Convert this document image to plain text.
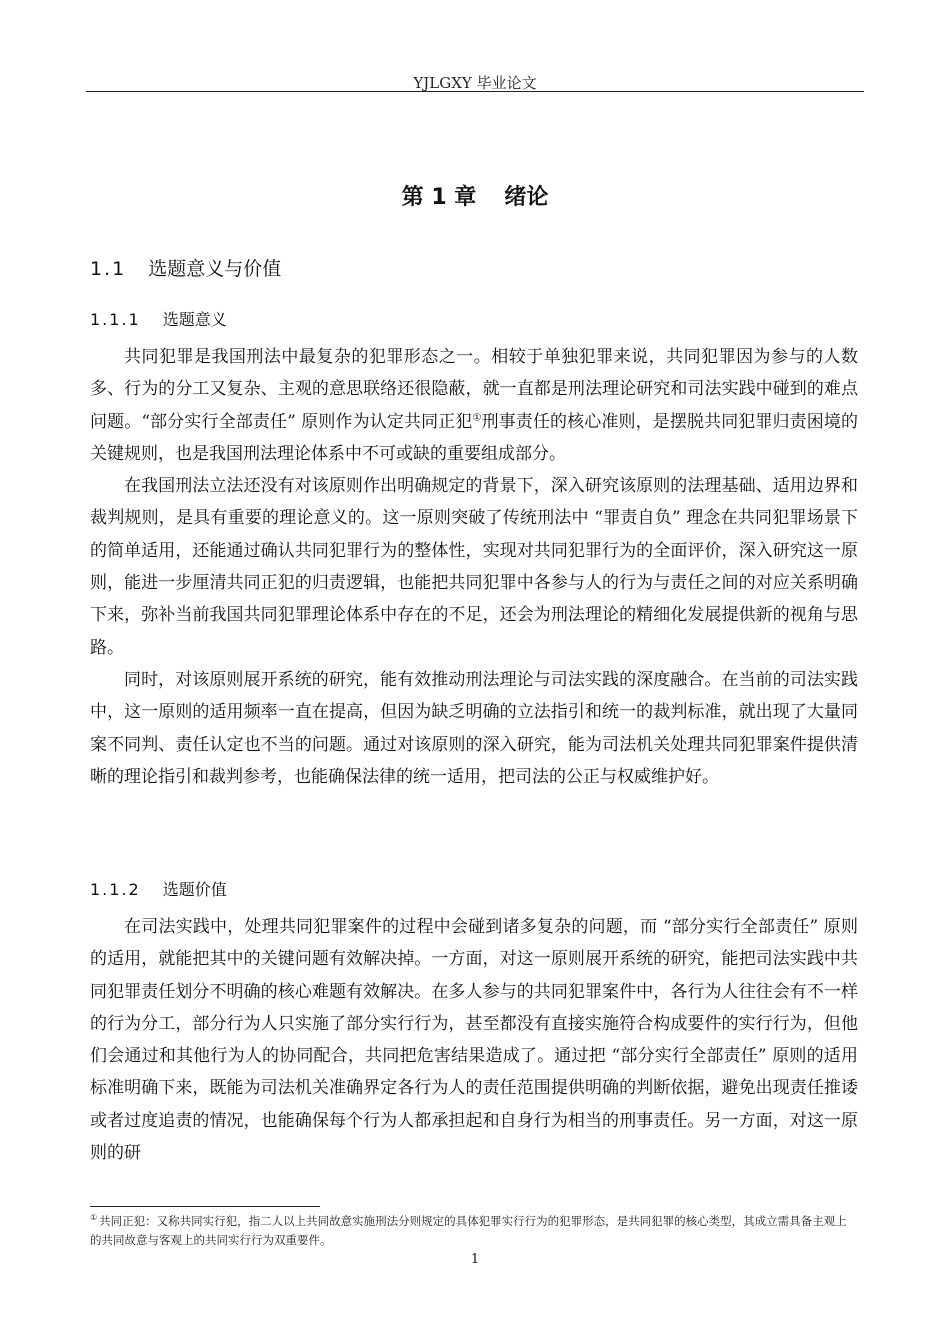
YJLGXY 毕业论文
第 1 章 绪论
1.1 选题意义与价值
1.1.1 选题意义

共同犯罪是我国刑法中最复杂的犯罪形态之一。相较于单独犯罪来说，共同犯罪因为参与的人数多、行为的分工又复杂、主观的意思联络还很隐蔽，就一直都是刑法理论研究和司法实践中碰到的难点问题。“部分实行全部责任” 原则作为认定共同正犯①刑事责任的核心准则，是摆脱共同犯罪归责困境的关键规则，也是我国刑法理论体系中不可或缺的重要组成部分。

在我国刑法立法还没有对该原则作出明确规定的背景下，深入研究该原则的法理基础、适用边界和裁判规则，是具有重要的理论意义的。这一原则突破了传统刑法中 “罪责自负” 理念在共同犯罪场景下的简单适用，还能通过确认共同犯罪行为的整体性，实现对共同犯罪行为的全面评价，深入研究这一原则，能进一步厘清共同正犯的归责逻辑，也能把共同犯罪中各参与人的行为与责任之间的对应关系明确下来，弥补当前我国共同犯罪理论体系中存在的不足，还会为刑法理论的精细化发展提供新的视角与思路。

同时，对该原则展开系统的研究，能有效推动刑法理论与司法实践的深度融合。在当前的司法实践中，这一原则的适用频率一直在提高，但因为缺乏明确的立法指引和统一的裁判标准，就出现了大量同案不同判、责任认定也不当的问题。通过对该原则的深入研究，能为司法机关处理共同犯罪案件提供清晰的理论指引和裁判参考，也能确保法律的统一适用，把司法的公正与权威维护好。

1.1.2 选题价值

在司法实践中，处理共同犯罪案件的过程中会碰到诸多复杂的问题，而 “部分实行全部责任” 原则的适用，就能把其中的关键问题有效解决掉。一方面，对这一原则展开系统的研究，能把司法实践中共同犯罪责任划分不明确的核心难题有效解决。在多人参与的共同犯罪案件中，各行为人往往会有不一样的行为分工，部分行为人只实施了部分实行行为，甚至都没有直接实施符合构成要件的实行行为，但他们会通过和其他行为人的协同配合，共同把危害结果造成了。通过把 “部分实行全部责任” 原则的适用标准明确下来，既能为司法机关准确界定各行为人的责任范围提供明确的判断依据，避免出现责任推诿或者过度追责的情况，也能确保每个行为人都承担起和自身行为相当的刑事责任。另一方面，对这一原则的研

① 共同正犯：又称共同实行犯，指二人以上共同故意实施刑法分则规定的具体犯罪实行行为的犯罪形态，是共同犯罪的核心类型，其成立需具备主观上的共同故意与客观上的共同实行行为双重要件。
1
